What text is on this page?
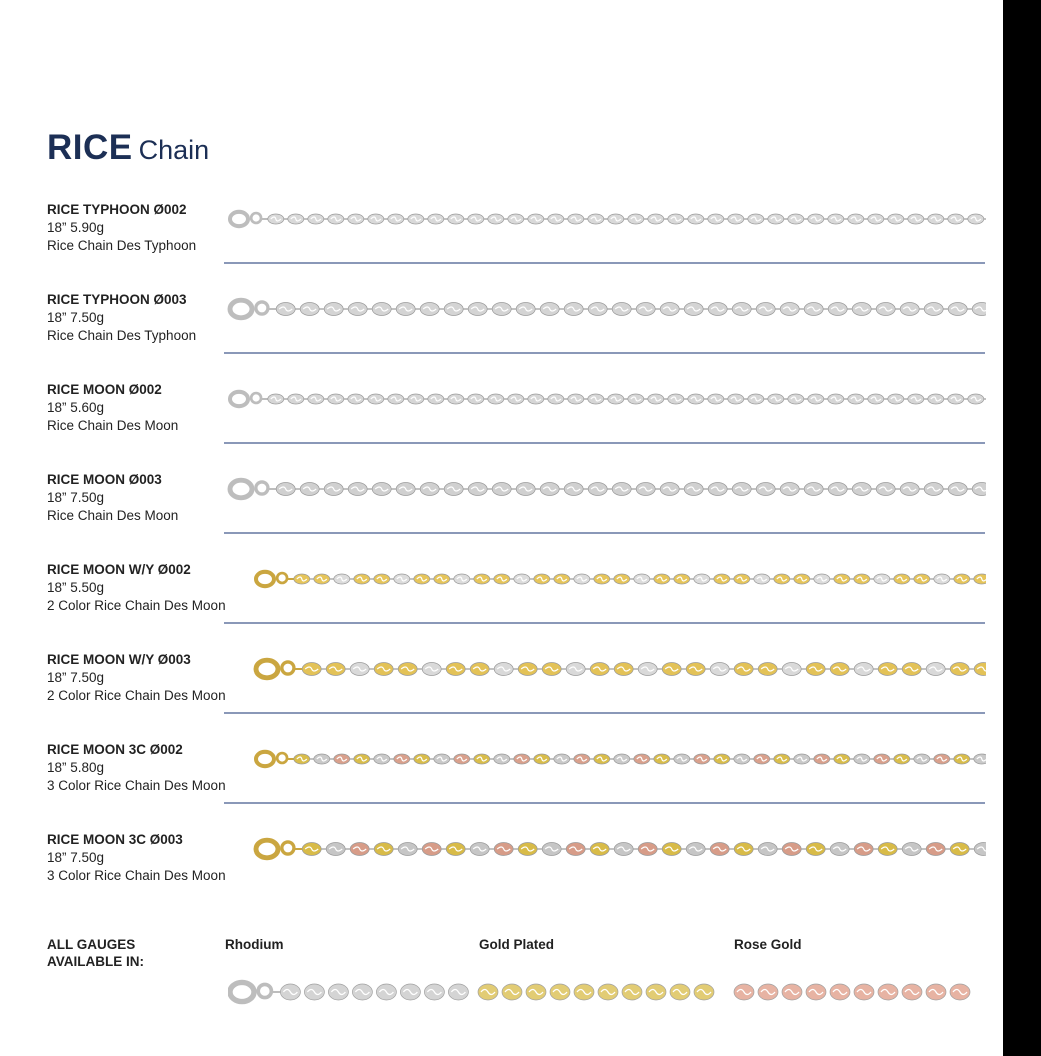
RICE Chain
RICE TYPHOON Ø002
18” 5.90g
Rice Chain Des Typhoon
RICE TYPHOON Ø003
18” 7.50g
Rice Chain Des Typhoon
RICE MOON Ø002
18” 5.60g
Rice Chain Des Moon
RICE MOON Ø003
18” 7.50g
Rice Chain Des Moon
RICE MOON W/Y Ø002
18” 5.50g
2 Color Rice Chain Des Moon
RICE MOON W/Y Ø003
18” 7.50g
2 Color Rice Chain Des Moon
RICE MOON 3C Ø002
18” 5.80g
3 Color Rice Chain Des Moon
RICE MOON 3C Ø003
18” 7.50g
3 Color Rice Chain Des Moon
ALL GAUGES
AVAILABLE IN:
Rhodium	Gold Plated	Rose Gold
